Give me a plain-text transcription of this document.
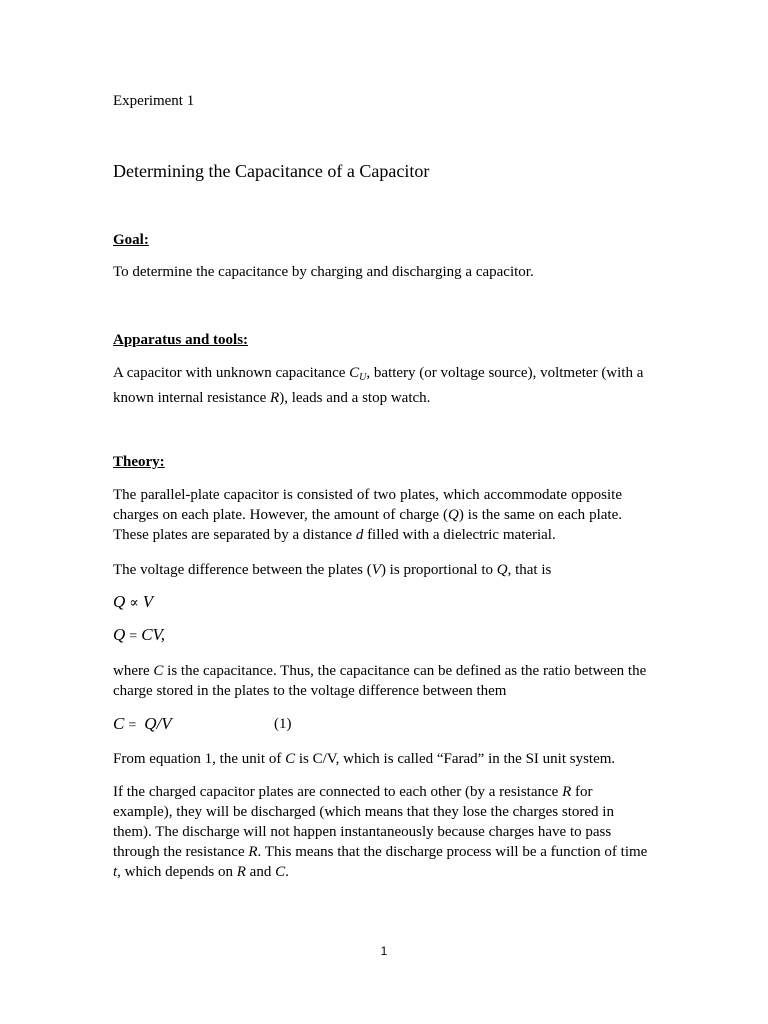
Experiment 1
Determining the Capacitance of a Capacitor
Goal:
To determine the capacitance by charging and discharging a capacitor.
Apparatus and tools:
A capacitor with unknown capacitance $C_U$, battery (or voltage source), voltmeter (with a known internal resistance R), leads and a stop watch.
Theory:
The parallel-plate capacitor is consisted of two plates, which accommodate opposite charges on each plate. However, the amount of charge (Q) is the same on each plate. These plates are separated by a distance d filled with a dielectric material.
The voltage difference between the plates (V) is proportional to Q, that is
Q ∝ V
Q = CV,
where C is the capacitance. Thus, the capacitance can be defined as the ratio between the charge stored in the plates to the voltage difference between them
C = Q/V	(1)
From equation 1, the unit of C is C/V, which is called “Farad” in the SI unit system.
If the charged capacitor plates are connected to each other (by a resistance R for example), they will be discharged (which means that they lose the charges stored in them). The discharge will not happen instantaneously because charges have to pass through the resistance R. This means that the discharge process will be a function of time t, which depends on R and C.
1
